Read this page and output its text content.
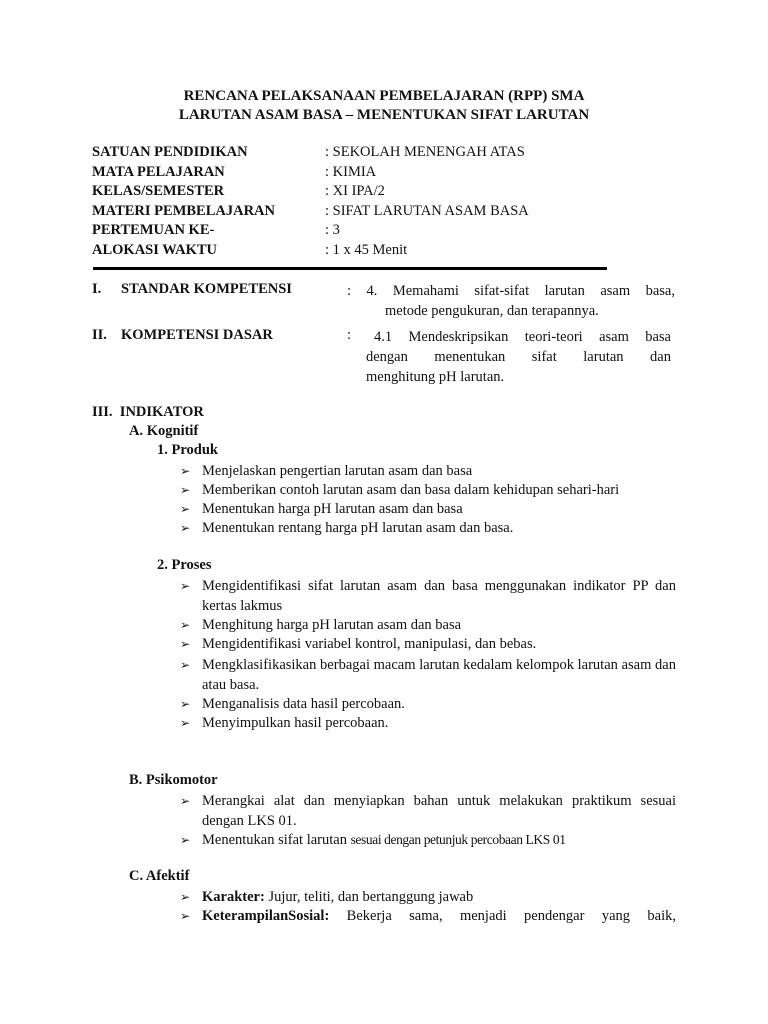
RENCANA PELAKSANAAN PEMBELAJARAN (RPP) SMA
LARUTAN ASAM BASA – MENENTUKAN SIFAT LARUTAN
SATUAN PENDIDIKAN	: SEKOLAH MENENGAH ATAS
MATA PELAJARAN	: KIMIA
KELAS/SEMESTER	: XI IPA/2
MATERI PEMBELAJARAN	: SIFAT LARUTAN ASAM BASA
PERTEMUAN KE-	: 3
ALOKASI WAKTU	: 1 x 45 Menit
I. STANDAR KOMPETENSI	: 4. Memahami sifat-sifat larutan asam basa,
metode pengukuran, dan terapannya.
II. KOMPETENSI DASAR	:	4.1 Mendeskripsikan teori-teori asam basa
dengan menentukan sifat larutan dan
menghitung pH larutan.
III.  INDIKATOR
A. Kognitif
1. Produk
➢ Menjelaskan pengertian larutan asam dan basa
➢ Memberikan contoh larutan asam dan basa dalam kehidupan sehari-hari
➢ Menentukan harga pH larutan asam dan basa
➢ Menentukan rentang harga pH larutan asam dan basa.
2. Proses
➢ Mengidentifikasi sifat larutan asam dan basa menggunakan indikator PP dan kertas lakmus
➢ Menghitung harga pH larutan asam dan basa
➢ Mengidentifikasi variabel kontrol, manipulasi, dan bebas.
➢ Mengklasifikasikan berbagai macam larutan kedalam kelompok larutan asam dan atau basa.
➢ Menganalisis data hasil percobaan.
➢ Menyimpulkan hasil percobaan.
B. Psikomotor
➢ Merangkai alat dan menyiapkan bahan untuk melakukan praktikum sesuai dengan LKS 01.
➢ Menentukan sifat larutan sesuai dengan petunjuk percobaan LKS 01
C. Afektif
➢ Karakter: Jujur, teliti, dan bertanggung jawab
➢ KeterampilanSosial: Bekerja sama, menjadi pendengar yang baik,
